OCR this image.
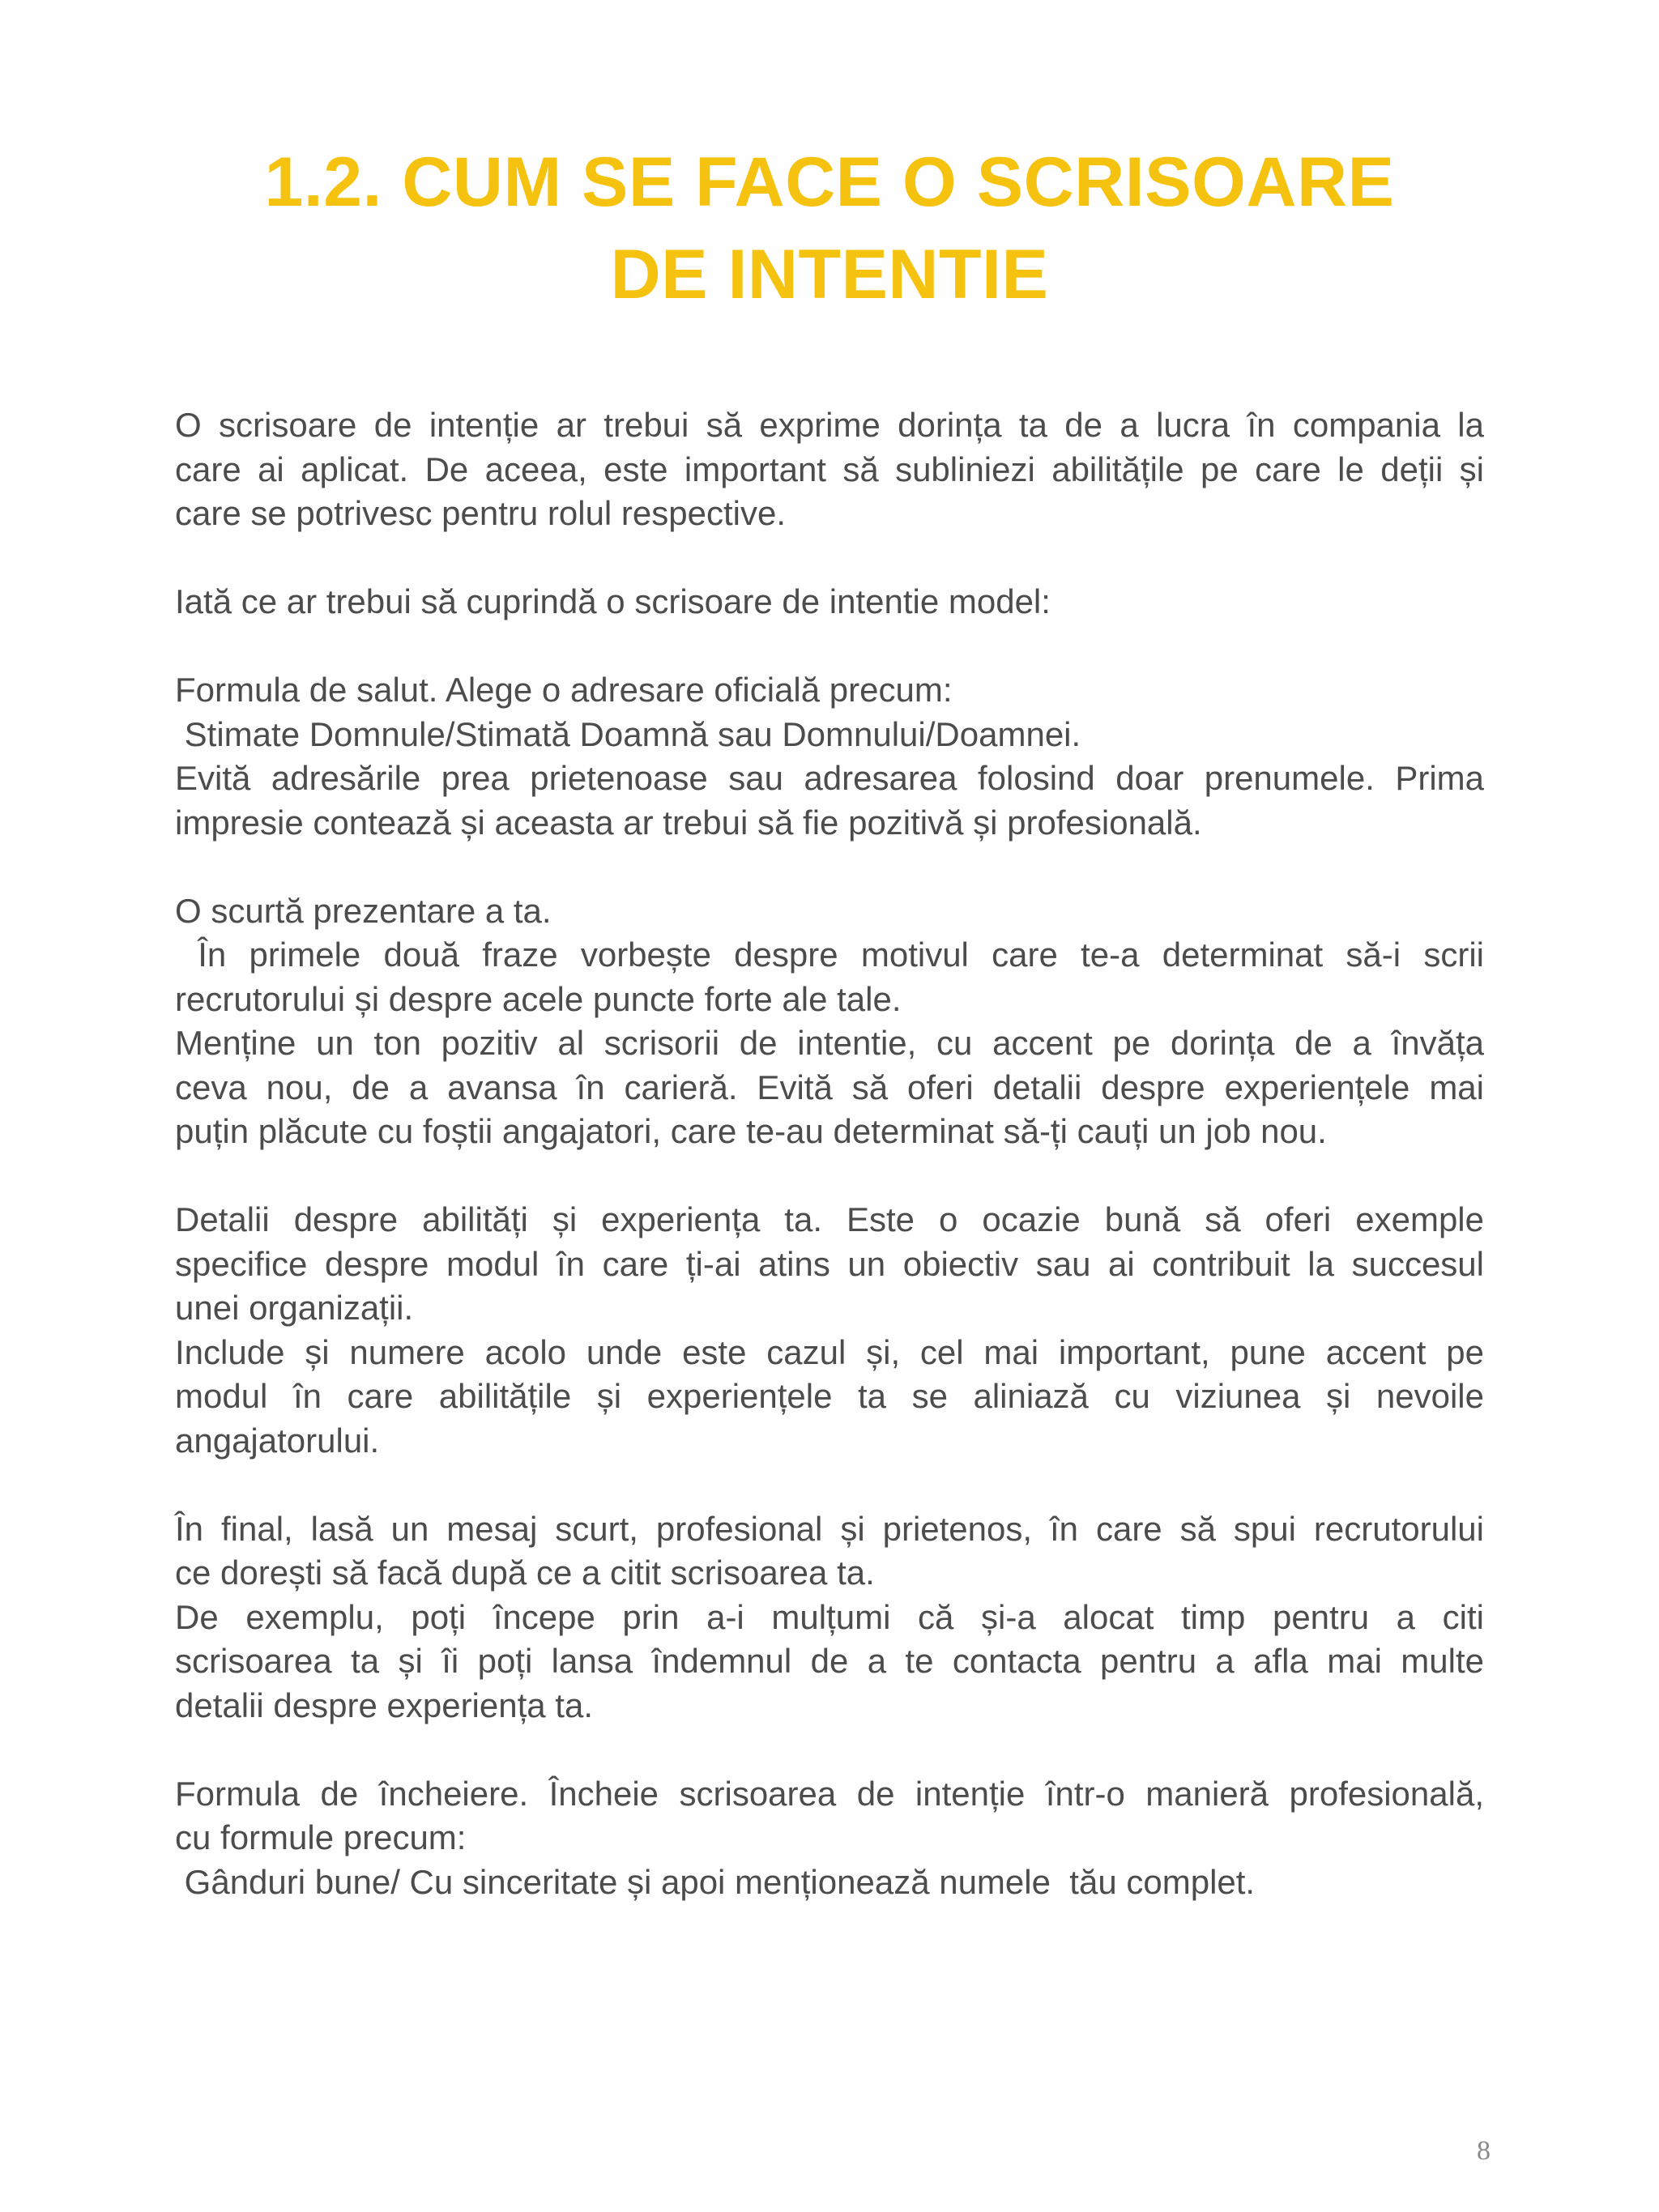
1.2. CUM SE FACE O SCRISOARE
DE INTENTIE
O scrisoare de intenție ar trebui să exprime dorința ta de a lucra în compania la
care ai aplicat. De aceea, este important să subliniezi abilitățile pe care le deții și
care se potrivesc pentru rolul respective.
Iată ce ar trebui să cuprindă o scrisoare de intentie model:
Formula de salut. Alege o adresare oficială precum:
Stimate Domnule/Stimată Doamnă sau Domnului/Doamnei.
Evită adresările prea prietenoase sau adresarea folosind doar prenumele. Prima
impresie contează și aceasta ar trebui să fie pozitivă și profesională.
O scurtă prezentare a ta.
În primele două fraze vorbește despre motivul care te-a determinat să-i scrii
recrutorului și despre acele puncte forte ale tale.
Menține un ton pozitiv al scrisorii de intentie, cu accent pe dorința de a învăța
ceva nou, de a avansa în carieră. Evită să oferi detalii despre experiențele mai
puțin plăcute cu foștii angajatori, care te-au determinat să-ți cauți un job nou.
Detalii despre abilități și experiența ta. Este o ocazie bună să oferi exemple
specifice despre modul în care ți-ai atins un obiectiv sau ai contribuit la succesul
unei organizații.
Include și numere acolo unde este cazul și, cel mai important, pune accent pe
modul în care abilitățile și experiențele ta se aliniază cu viziunea și nevoile
angajatorului.
În final, lasă un mesaj scurt, profesional și prietenos, în care să spui recrutorului
ce dorești să facă după ce a citit scrisoarea ta.
De exemplu, poți începe prin a-i mulțumi că și-a alocat timp pentru a citi
scrisoarea ta și îi poți lansa îndemnul de a te contacta pentru a afla mai multe
detalii despre experiența ta.
Formula de încheiere. Încheie scrisoarea de intenție într-o manieră profesională,
cu formule precum:
Gânduri bune/ Cu sinceritate și apoi menționează numele  tău complet.
8
